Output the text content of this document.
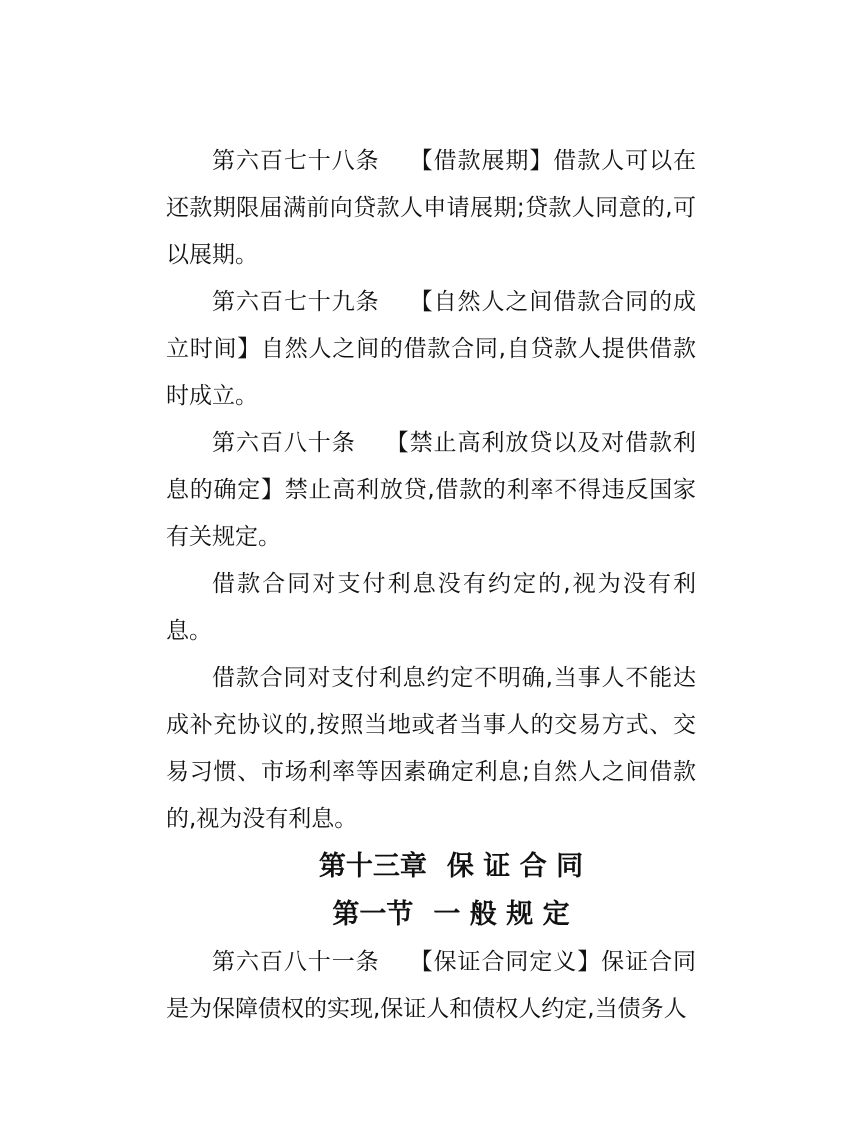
第六百七十八条 【借款展期】借款人可以在还款期限届满前向贷款人申请展期;贷款人同意的,可以展期。

第六百七十九条 【自然人之间借款合同的成立时间】自然人之间的借款合同,自贷款人提供借款时成立。

第六百八十条 【禁止高利放贷以及对借款利息的确定】禁止高利放贷,借款的利率不得违反国家有关规定。

借款合同对支付利息没有约定的,视为没有利息。

借款合同对支付利息约定不明确,当事人不能达成补充协议的,按照当地或者当事人的交易方式、交易习惯、市场利率等因素确定利息;自然人之间借款的,视为没有利息。

第十三章 保 证 合 同
第一节 一 般 规 定

第六百八十一条 【保证合同定义】保证合同是为保障债权的实现,保证人和债权人约定,当债务人
